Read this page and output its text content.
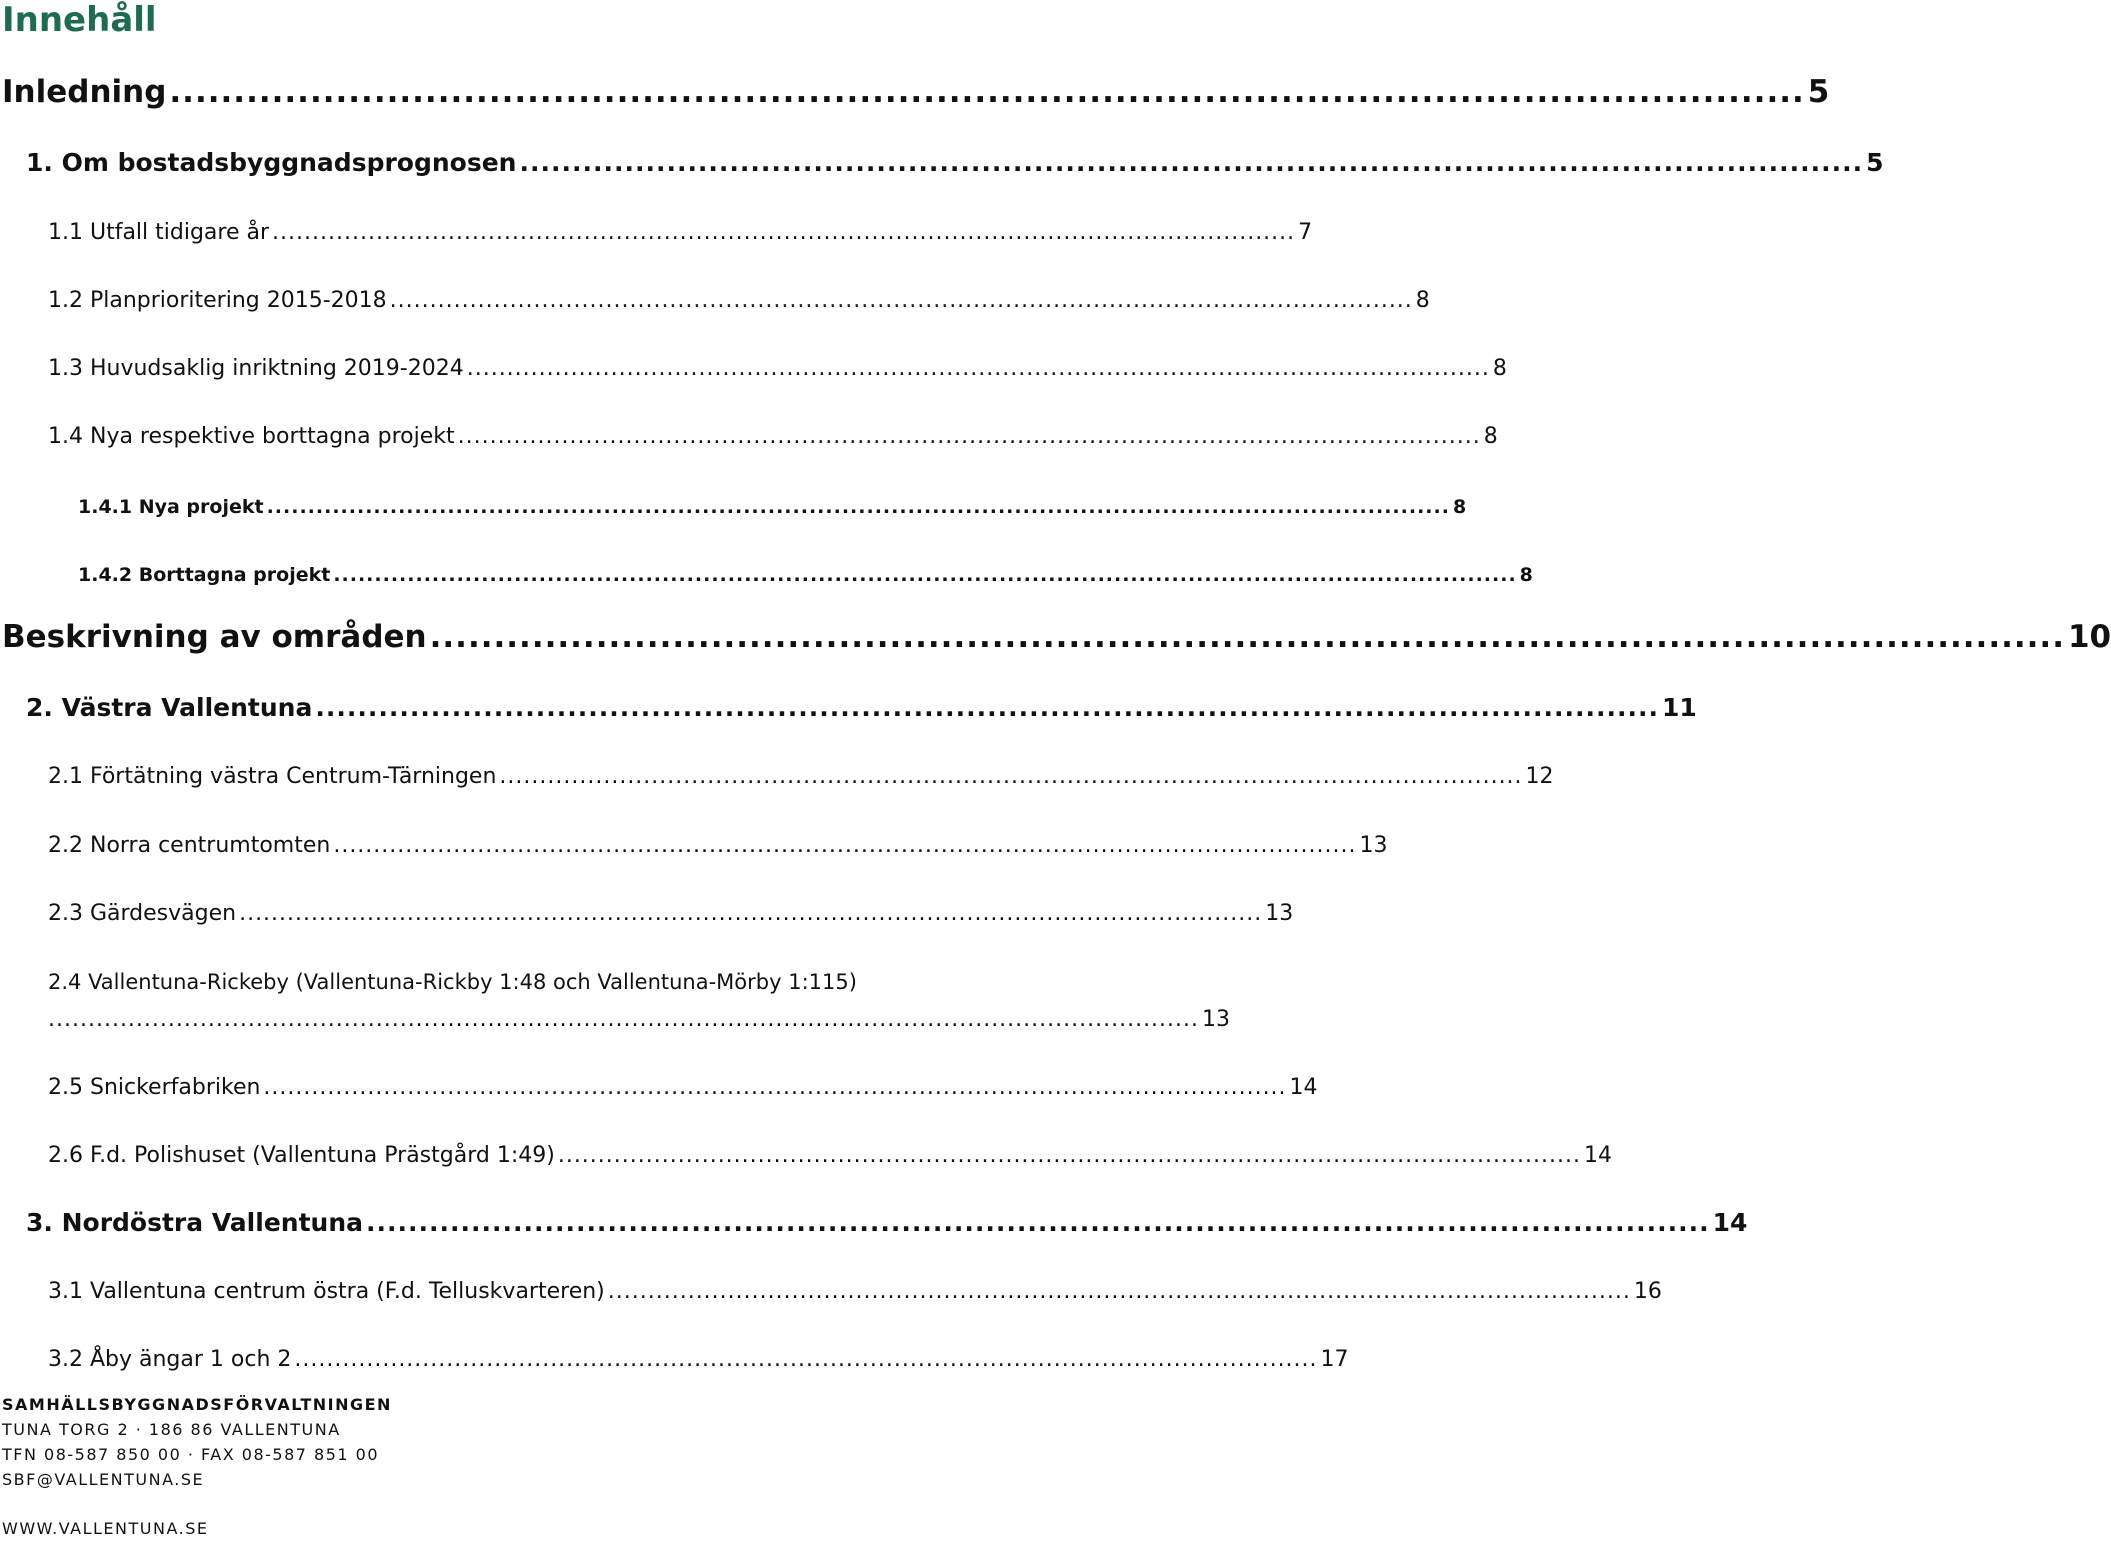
Innehåll
Inledning ................................................................................................................................ 5
1. Om bostadsbyggnadsprognosen ................................................................................................................................ 5
1.1 Utfall tidigare år ................................................................................................................................ 7
1.2 Planprioritering 2015-2018 ................................................................................................................................ 8
1.3 Huvudsaklig inriktning 2019-2024 ................................................................................................................................ 8
1.4 Nya respektive borttagna projekt ................................................................................................................................ 8
1.4.1 Nya projekt ................................................................................................................................................ 8
1.4.2 Borttagna projekt ................................................................................................................................................ 8
Beskrivning av områden ................................................................................................................................ 10
2. Västra Vallentuna ................................................................................................................................ 11
2.1 Förtätning västra Centrum-Tärningen ................................................................................................................................ 12
2.2 Norra centrumtomten ................................................................................................................................ 13
2.3 Gärdesvägen ................................................................................................................................ 13
2.4 Vallentuna-Rickeby (Vallentuna-Rickby 1:48 och Vallentuna-Mörby 1:115)
................................................................................................................................................ 13
2.5 Snickerfabriken ................................................................................................................................ 14
2.6 F.d. Polishuset (Vallentuna Prästgård 1:49) ................................................................................................................................ 14
3. Nordöstra Vallentuna ................................................................................................................................ 14
3.1 Vallentuna centrum östra (F.d. Telluskvarteren) ................................................................................................................................ 16
3.2 Åby ängar 1 och 2 ................................................................................................................................ 17
SAMHÄLLSBYGGNADSFÖRVALTNINGEN
TUNA TORG 2 · 186 86 VALLENTUNA
TFN 08-587 850 00 · FAX 08-587 851 00
SBF@VALLENTUNA.SE
WWW.VALLENTUNA.SE
